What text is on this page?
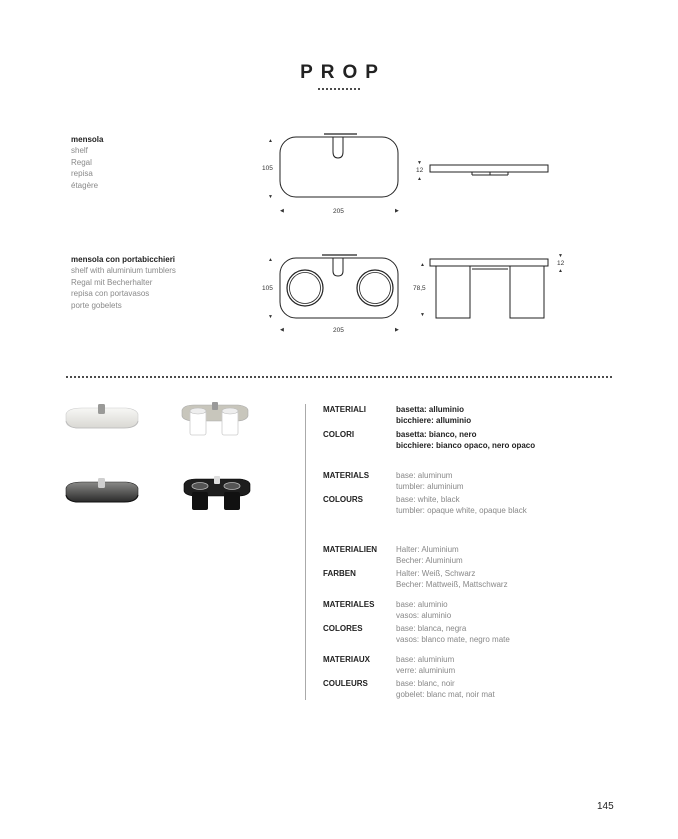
PROP
mensola
shelf
Regal
repisa
étagère
mensola con portabicchieri
shelf with aluminium tumblers
Regal mit Becherhalter
repisa con portavasos
porte gobelets
▲
▼
105
◀	▶
205
▼
12
▲
▲
▼
105
◀	▶
205
▼
12
▲
▲
78,5
▼
MATERIALI	basetta: alluminio
bicchiere: alluminio
COLORI	basetta: bianco, nero
bicchiere: bianco opaco, nero opaco
MATERIALS	base: aluminum
tumbler: aluminium
COLOURS	base: white, black
tumbler: opaque white, opaque black
MATERIALIEN Halter: Aluminium
Becher: Aluminium
FARBEN	Halter: Weiß, Schwarz
Becher: Mattweiß, Mattschwarz
MATERIALES	base: aluminio
vasos: aluminio
COLORES	base: blanca, negra
vasos: blanco mate, negro mate
MATERIAUX	base: aluminium
verre: aluminium
COULEURS	base: blanc, noir
gobelet: blanc mat, noir mat
145
